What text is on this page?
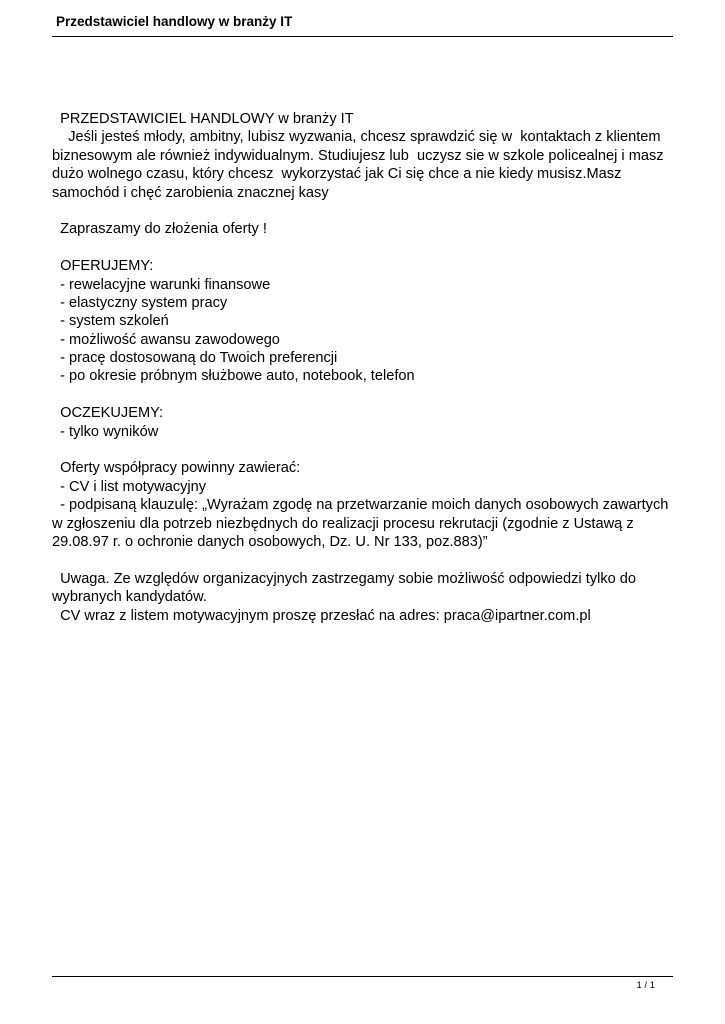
Przedstawiciel handlowy w branży IT
PRZEDSTAWICIEL HANDLOWY w branży IT
Jeśli jesteś młody, ambitny, lubisz wyzwania, chcesz sprawdzić się w  kontaktach z klientem
biznesowym ale również indywidualnym. Studiujesz lub  uczysz sie w szkole policealnej i masz
dużo wolnego czasu, który chcesz  wykorzystać jak Ci się chce a nie kiedy musisz.Masz
samochód i chęć zarobienia znacznej kasy
Zapraszamy do złożenia oferty !
OFERUJEMY:
- rewelacyjne warunki finansowe
- elastyczny system pracy
- system szkoleń
- możliwość awansu zawodowego
- pracę dostosowaną do Twoich preferencji
- po okresie próbnym służbowe auto, notebook, telefon
OCZEKUJEMY:
- tylko wyników
Oferty współpracy powinny zawierać:
- CV i list motywacyjny
- podpisaną klauzulę: „Wyrażam zgodę na przetwarzanie moich danych osobowych zawartych
w zgłoszeniu dla potrzeb niezbędnych do realizacji procesu rekrutacji (zgodnie z Ustawą z
29.08.97 r. o ochronie danych osobowych, Dz. U. Nr 133, poz.883)”
Uwaga. Ze względów organizacyjnych zastrzegamy sobie możliwość odpowiedzi tylko do
wybranych kandydatów.
CV wraz z listem motywacyjnym proszę przesłać na adres: praca@ipartner.com.pl
1 / 1
